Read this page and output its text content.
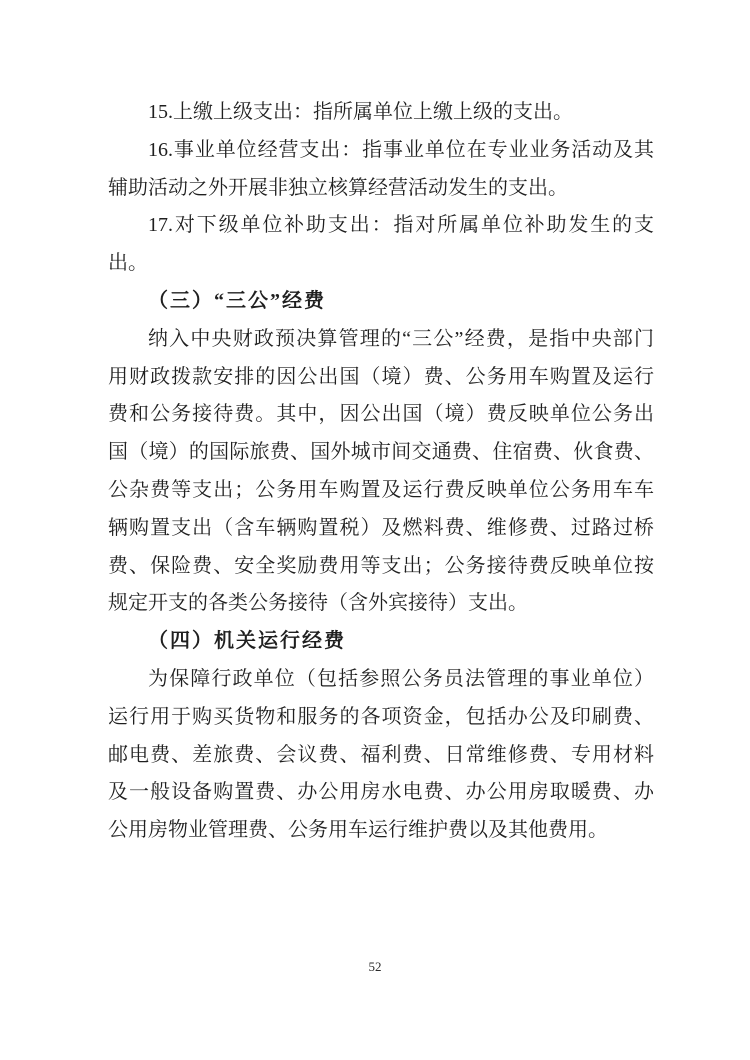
15.上缴上级支出：指所属单位上缴上级的支出。
16.事业单位经营支出：指事业单位在专业业务活动及其
辅助活动之外开展非独立核算经营活动发生的支出。
17.对下级单位补助支出：指对所属单位补助发生的支
出。
（三）“三公”经费
纳入中央财政预决算管理的“三公”经费，是指中央部门
用财政拨款安排的因公出国（境）费、公务用车购置及运行
费和公务接待费。其中，因公出国（境）费反映单位公务出
国（境）的国际旅费、国外城市间交通费、住宿费、伙食费、
公杂费等支出；公务用车购置及运行费反映单位公务用车车
辆购置支出（含车辆购置税）及燃料费、维修费、过路过桥
费、保险费、安全奖励费用等支出；公务接待费反映单位按
规定开支的各类公务接待（含外宾接待）支出。
（四）机关运行经费
为保障行政单位（包括参照公务员法管理的事业单位）
运行用于购买货物和服务的各项资金，包括办公及印刷费、
邮电费、差旅费、会议费、福利费、日常维修费、专用材料
及一般设备购置费、办公用房水电费、办公用房取暖费、办
公用房物业管理费、公务用车运行维护费以及其他费用。
52
